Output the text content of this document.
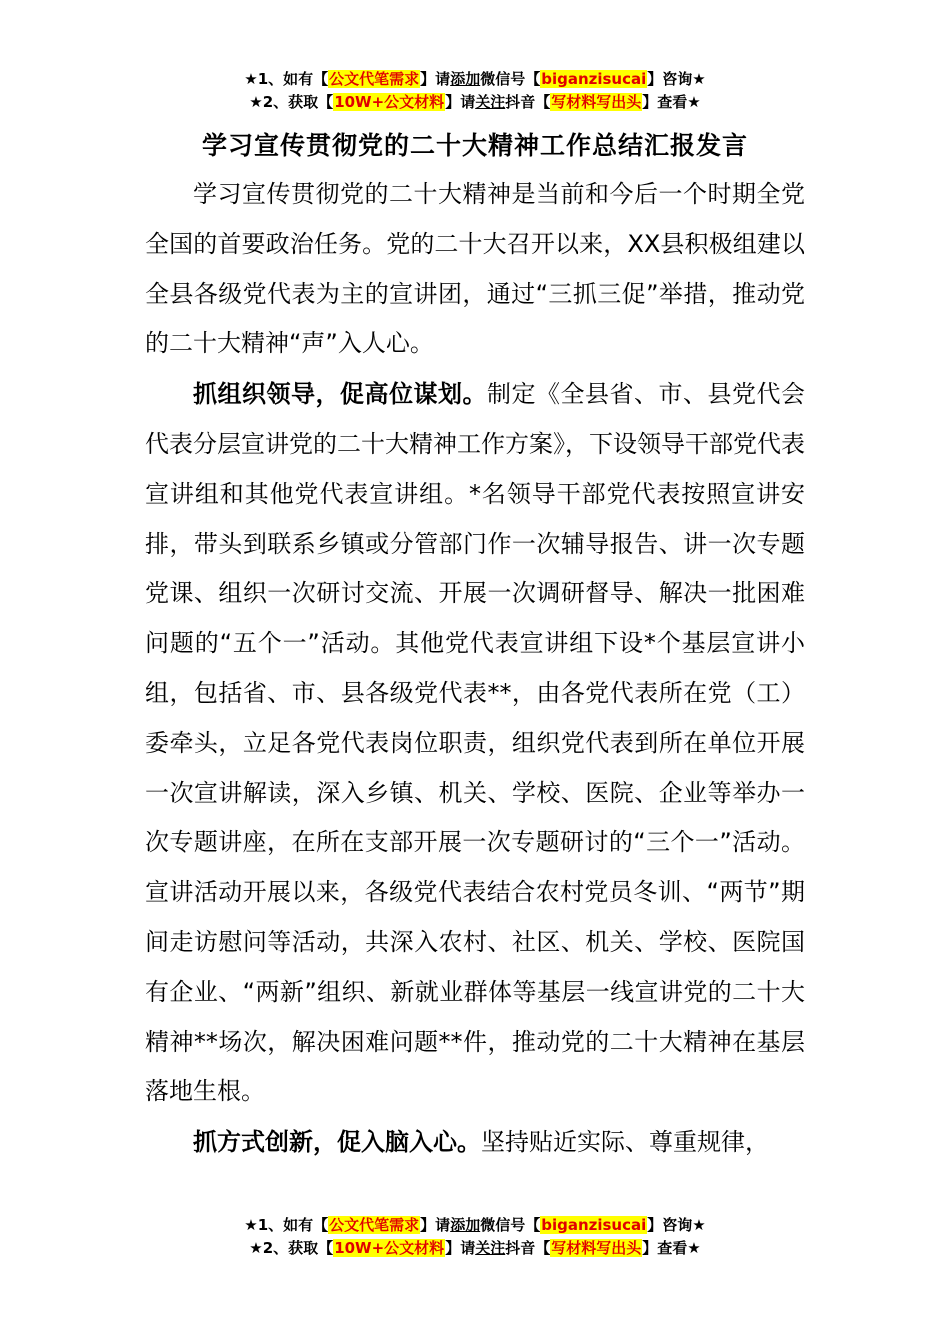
★1、如有【公文代笔需求】请添加微信号【biganzisucai】咨询★
★2、获取【10W+公文材料】请关注抖音【写材料写出头】查看★
学习宣传贯彻党的二十大精神工作总结汇报发言

学习宣传贯彻党的二十大精神是当前和今后一个时期全党全国的首要政治任务。党的二十大召开以来，XX县积极组建以全县各级党代表为主的宣讲团，通过“三抓三促”举措，推动党的二十大精神“声”入人心。

抓组织领导，促高位谋划。制定《全县省、市、县党代会代表分层宣讲党的二十大精神工作方案》，下设领导干部党代表宣讲组和其他党代表宣讲组。*名领导干部党代表按照宣讲安排，带头到联系乡镇或分管部门作一次辅导报告、讲一次专题党课、组织一次研讨交流、开展一次调研督导、解决一批困难问题的“五个一”活动。其他党代表宣讲组下设*个基层宣讲小组，包括省、市、县各级党代表**，由各党代表所在党（工）委牵头，立足各党代表岗位职责，组织党代表到所在单位开展一次宣讲解读，深入乡镇、机关、学校、医院、企业等举办一次专题讲座，在所在支部开展一次专题研讨的“三个一”活动。宣讲活动开展以来，各级党代表结合农村党员冬训、“两节”期间走访慰问等活动，共深入农村、社区、机关、学校、医院国有企业、“两新”组织、新就业群体等基层一线宣讲党的二十大精神**场次，解决困难问题**件，推动党的二十大精神在基层落地生根。

抓方式创新，促入脑入心。坚持贴近实际、尊重规律，

★1、如有【公文代笔需求】请添加微信号【biganzisucai】咨询★
★2、获取【10W+公文材料】请关注抖音【写材料写出头】查看★
